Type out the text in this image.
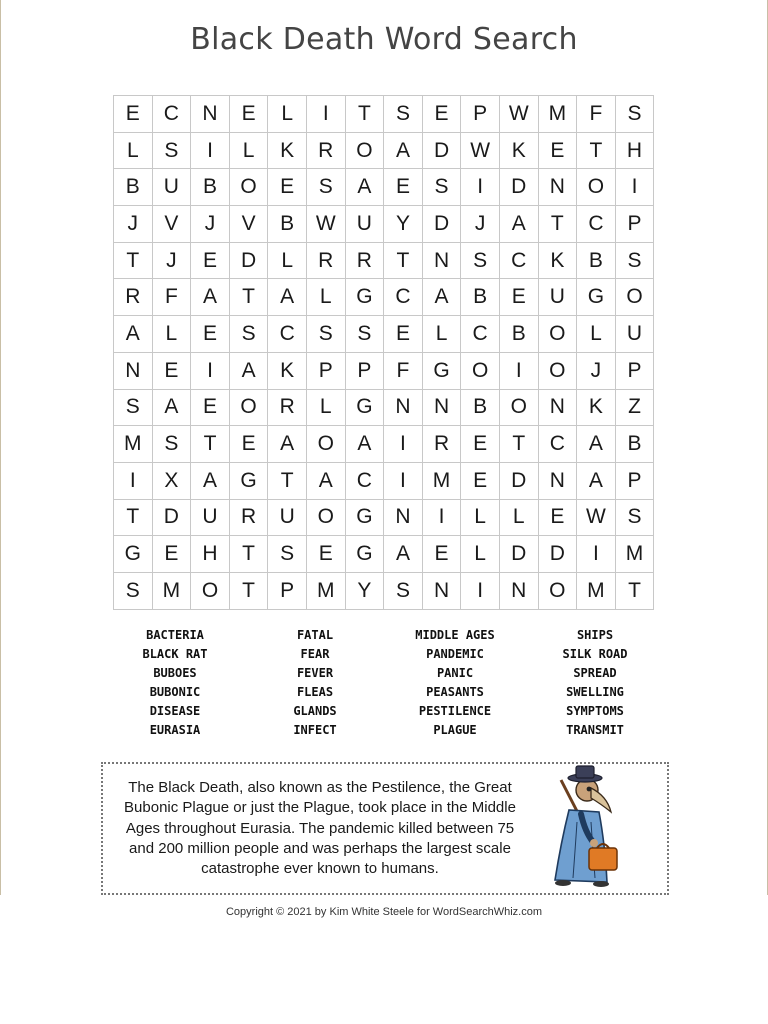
Black Death Word Search
E	C	N	E	L	I	T	S	E	P	W	M	F	S
L	S	I	L	K	R	O	A	D	W	K	E	T	H
B	U	B	O	E	S	A	E	S	I	D	N	O	I
J	V	J	V	B	W	U	Y	D	J	A	T	C	P
T	J	E	D	L	R	R	T	N	S	C	K	B	S
R	F	A	T	A	L	G	C	A	B	E	U	G	O
A	L	E	S	C	S	S	E	L	C	B	O	L	U
N	E	I	A	K	P	P	F	G	O	I	O	J	P
S	A	E	O	R	L	G	N	N	B	O	N	K	Z
M	S	T	E	A	O	A	I	R	E	T	C	A	B
I	X	A	G	T	A	C	I	M	E	D	N	A	P
T	D	U	R	U	O	G	N	I	L	L	E	W	S
G	E	H	T	S	E	G	A	E	L	D	D	I	M
S	M	O	T	P	M	Y	S	N	I	N	O	M	T
BACTERIA
BLACK RAT
BUBOES
BUBONIC
DISEASE
EURASIA
FATAL
FEAR
FEVER
FLEAS
GLANDS
INFECT
MIDDLE AGES
PANDEMIC
PANIC
PEASANTS
PESTILENCE
PLAGUE
SHIPS
SILK ROAD
SPREAD
SWELLING
SYMPTOMS
TRANSMIT
The Black Death, also known as the Pestilence, the Great Bubonic Plague or just the Plague, took place in the Middle Ages throughout Eurasia. The pandemic killed between 75 and 200 million people and was perhaps the largest scale catastrophe ever known to humans.
Copyright © 2021 by Kim White Steele for WordSearchWhiz.com
